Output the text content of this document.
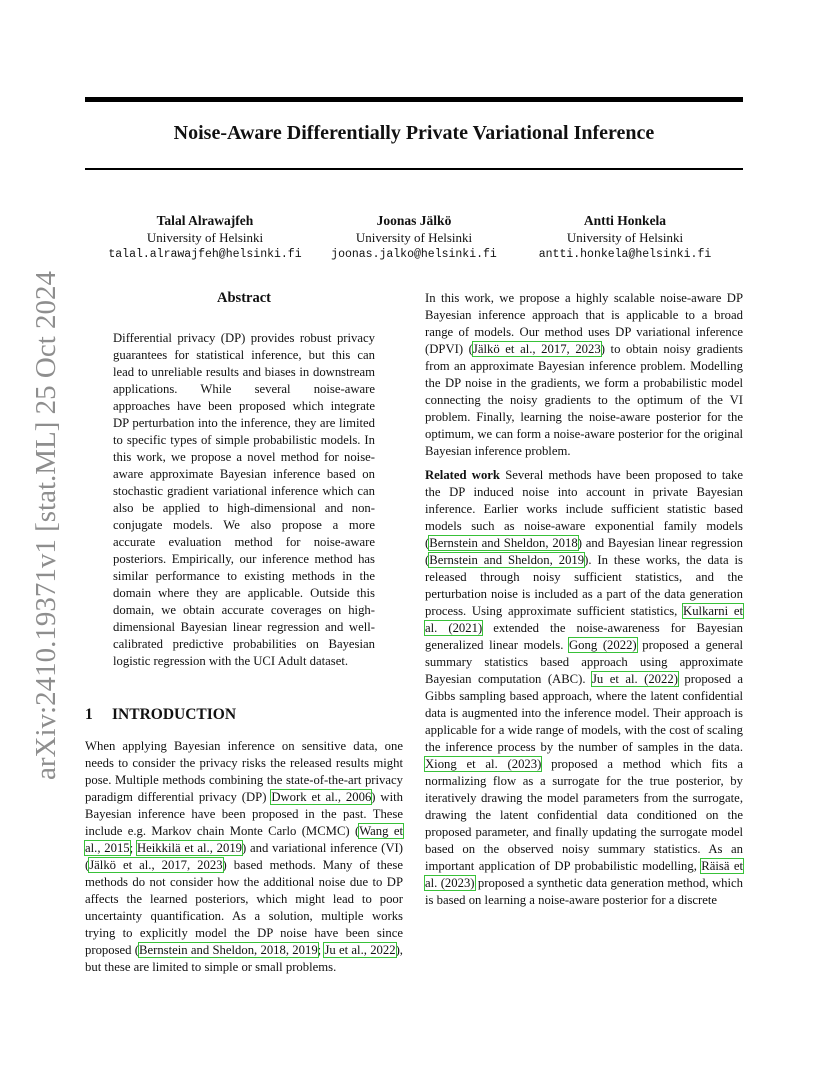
Noise-Aware Differentially Private Variational Inference
Talal Alrawajfeh
University of Helsinki
talal.alrawajfeh@helsinki.fi
Joonas Jälkö
University of Helsinki
joonas.jalko@helsinki.fi
Antti Honkela
University of Helsinki
antti.honkela@helsinki.fi
arXiv:2410.19371v1 [stat.ML] 25 Oct 2024	Abstract
Differential privacy (DP) provides robust privacy guarantees for statistical inference, but this can lead to unreliable results and biases in downstream applications. While several noise-aware approaches have been proposed which integrate DP perturbation into the inference, they are limited to specific types of simple probabilistic models. In this work, we propose a novel method for noise-aware approximate Bayesian inference based on stochastic gradient variational inference which can also be applied to high-dimensional and non-conjugate models. We also propose a more accurate evaluation method for noise-aware posteriors. Empirically, our inference method has similar performance to existing methods in the domain where they are applicable. Outside this domain, we obtain accurate coverages on high-dimensional Bayesian linear regression and well-calibrated predictive probabilities on Bayesian logistic regression with the UCI Adult dataset.
1 INTRODUCTION
When applying Bayesian inference on sensitive data, one needs to consider the privacy risks the released results might pose. Multiple methods combining the state-of-the-art privacy paradigm differential privacy (DP) Dwork et al., 2006) with Bayesian inference have been proposed in the past. These include e.g. Markov chain Monte Carlo (MCMC) (Wang et al., 2015; Heikkilä et al., 2019) and variational inference (VI) (Jälkö et al., 2017, 2023) based methods. Many of these methods do not consider how the additional noise due to DP affects the learned posteriors, which might lead to poor uncertainty quantification. As a solution, multiple works trying to explicitly model the DP noise have been since proposed (Bernstein and Sheldon, 2018, 2019; Ju et al., 2022), but these are limited to simple or small problems.

In this work, we propose a highly scalable noise-aware DP Bayesian inference approach that is applicable to a broad range of models. Our method uses DP variational inference (DPVI) (Jälkö et al., 2017, 2023) to obtain noisy gradients from an approximate Bayesian inference problem. Modelling the DP noise in the gradients, we form a probabilistic model connecting the noisy gradients to the optimum of the VI problem. Finally, learning the noise-aware posterior for the optimum, we can form a noise-aware posterior for the original Bayesian inference problem.

Related work Several methods have been proposed to take the DP induced noise into account in private Bayesian inference. Earlier works include sufficient statistic based models such as noise-aware exponential family models (Bernstein and Sheldon, 2018) and Bayesian linear regression (Bernstein and Sheldon, 2019). In these works, the data is released through noisy sufficient statistics, and the perturbation noise is included as a part of the data generation process. Using approximate sufficient statistics, Kulkarni et al. (2021) extended the noise-awareness for Bayesian generalized linear models. Gong (2022) proposed a general summary statistics based approach using approximate Bayesian computation (ABC). Ju et al. (2022) proposed a Gibbs sampling based approach, where the latent confidential data is augmented into the inference model. Their approach is applicable for a wide range of models, with the cost of scaling the inference process by the number of samples in the data. Xiong et al. (2023) proposed a method which fits a normalizing flow as a surrogate for the true posterior, by iteratively drawing the model parameters from the surrogate, drawing the latent confidential data conditioned on the proposed parameter, and finally updating the surrogate model based on the observed noisy summary statistics. As an important application of DP probabilistic modelling, Räisä et al. (2023) proposed a synthetic data generation method, which is based on learning a noise-aware posterior for a discrete
